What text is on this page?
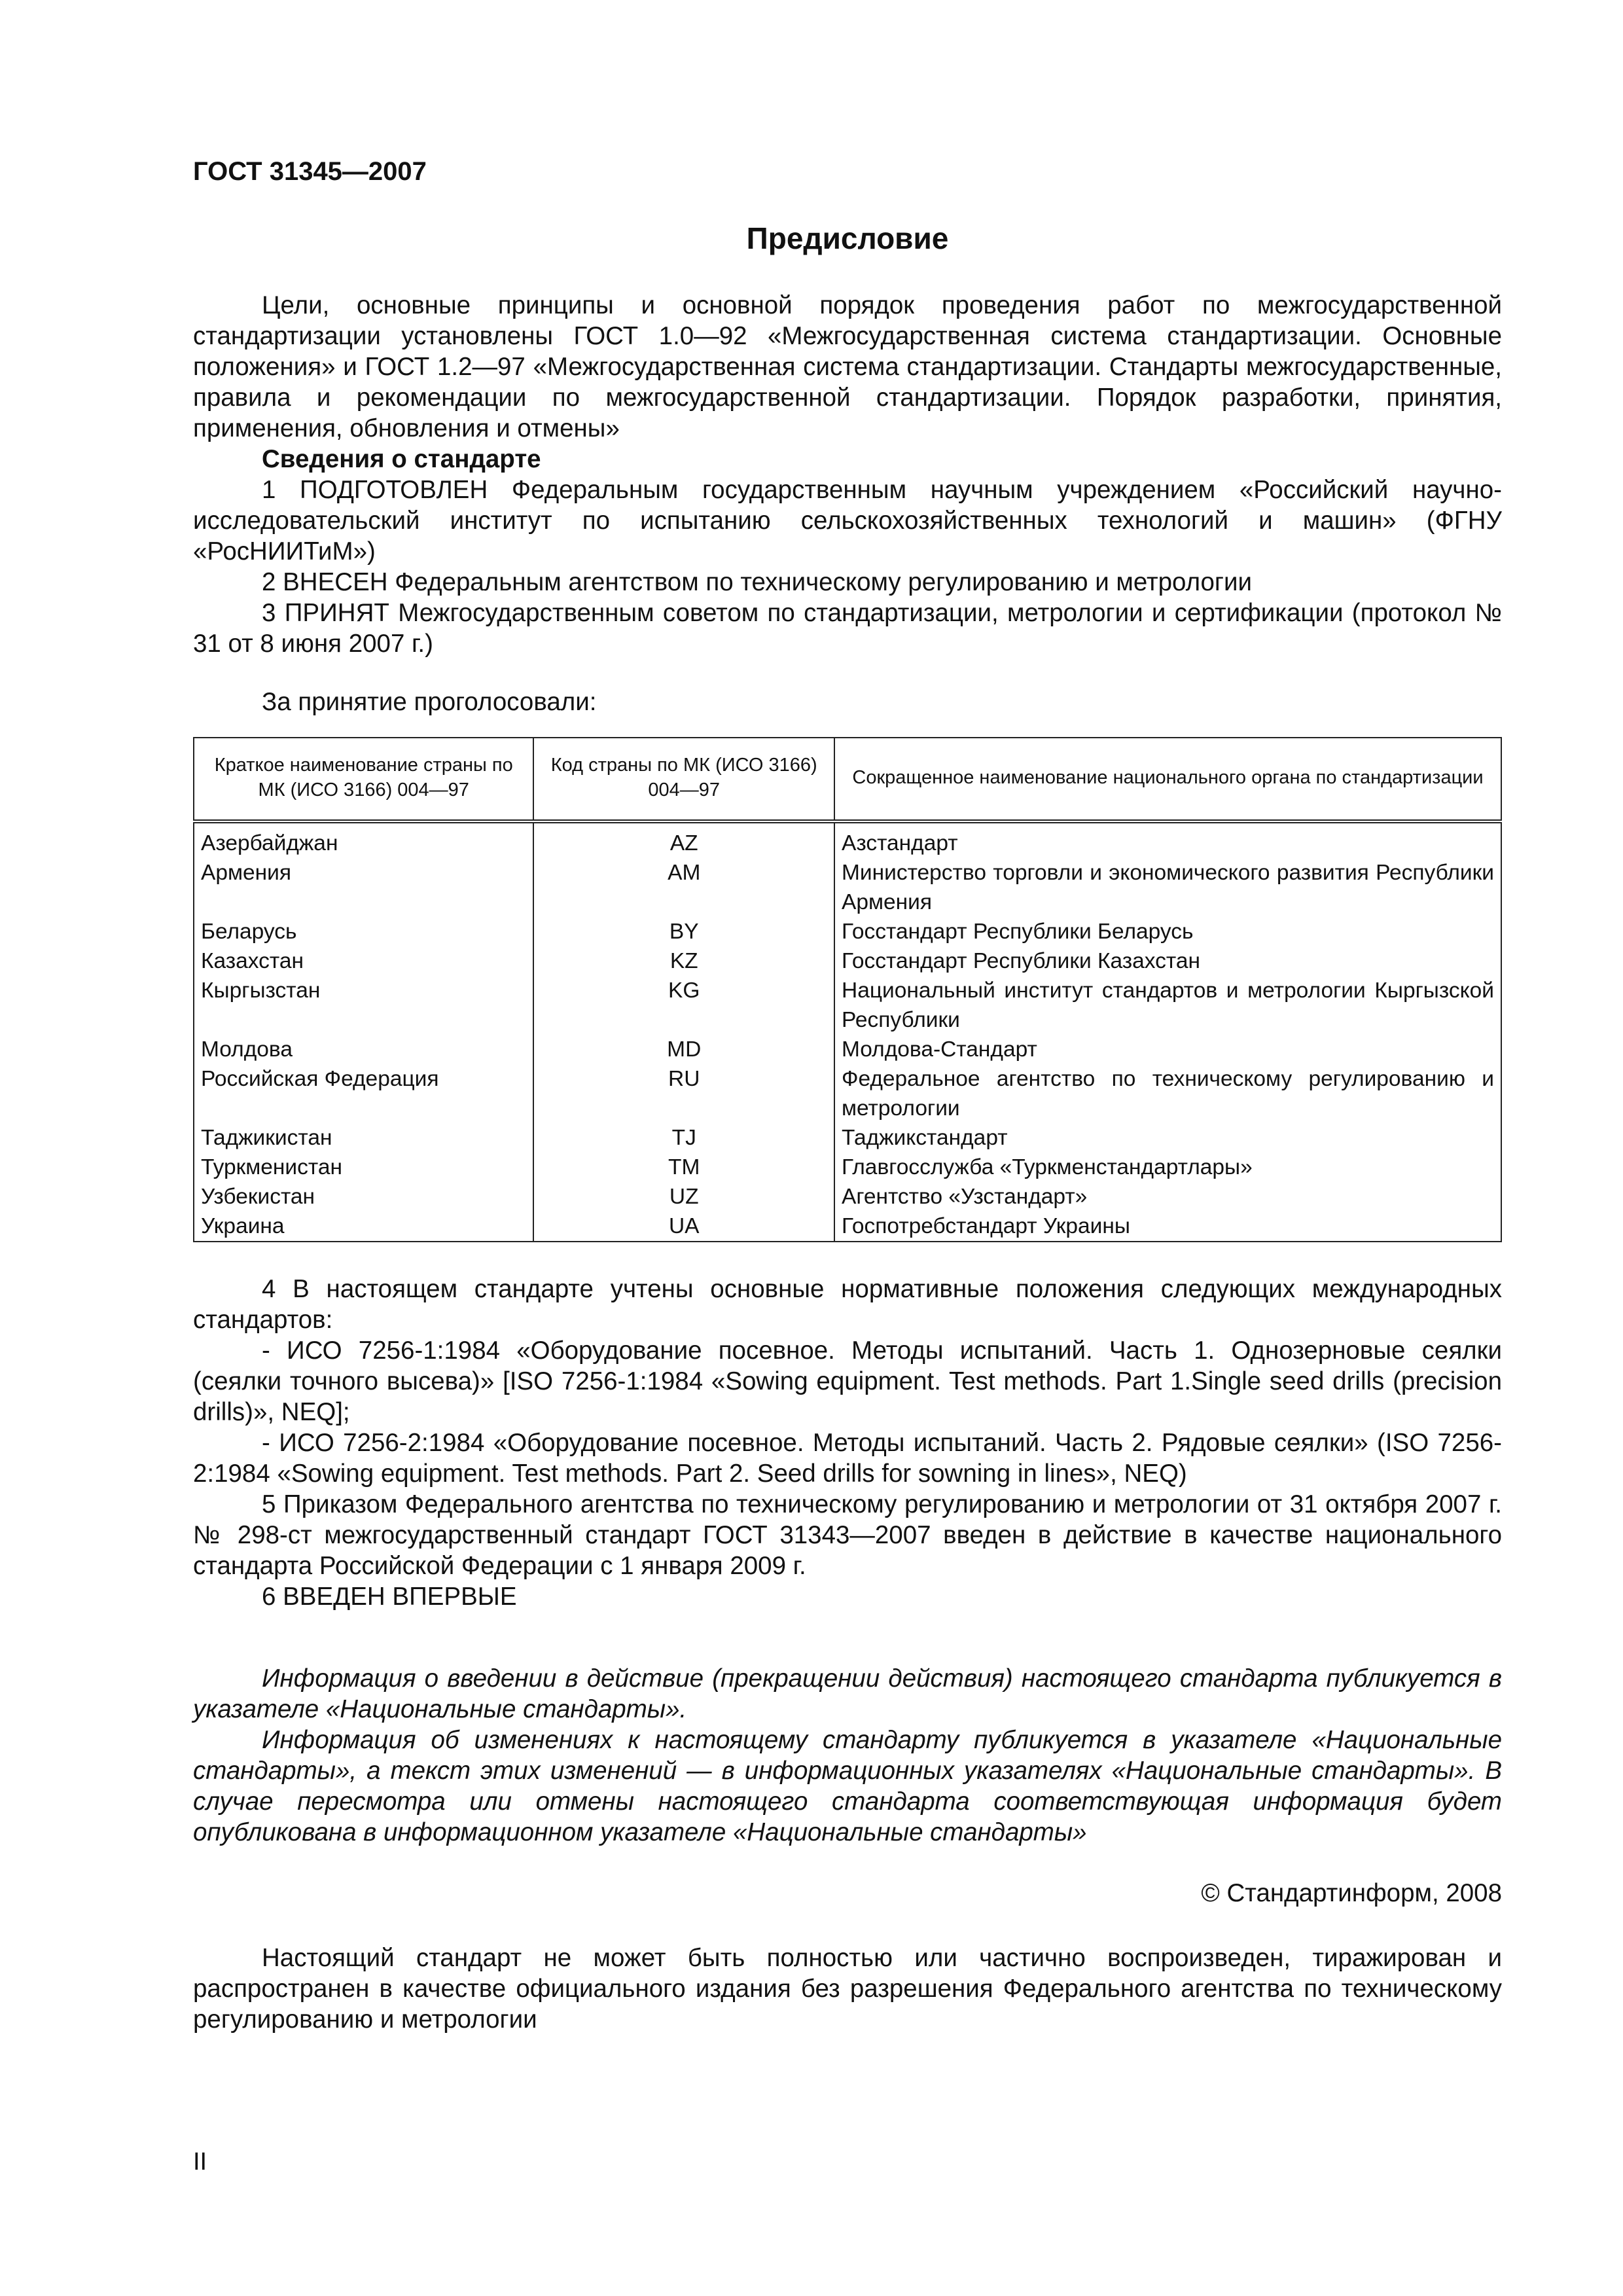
ГОСТ 31345—2007
Предисловие

Цели, основные принципы и основной порядок проведения работ по межгосударственной стандартизации установлены ГОСТ 1.0—92 «Межгосударственная система стандартизации. Основные положения» и ГОСТ 1.2—97 «Межгосударственная система стандартизации. Стандарты межгосударственные, правила и рекомендации по межгосударственной стандартизации. Порядок разработки, принятия, применения, обновления и отмены»

Сведения о стандарте

1 ПОДГОТОВЛЕН Федеральным государственным научным учреждением «Российский научно-исследовательский институт по испытанию сельскохозяйственных технологий и машин» (ФГНУ «РосНИИТиМ»)

2 ВНЕСЕН Федеральным агентством по техническому регулированию и метрологии

3 ПРИНЯТ Межгосударственным советом по стандартизации, метрологии и сертификации (протокол № 31 от 8 июня 2007 г.)

За принятие проголосовали:

Краткое наименование страны по МК (ИСО 3166) 004—97	Код страны по МК (ИСО 3166) 004—97	Сокращенное наименование национального органа по стандартизации
Азербайджан	AZ	Азстандарт
Армения	AM	Министерство торговли и экономического развития Республики Армения
Беларусь	BY	Госстандарт Республики Беларусь
Казахстан	KZ	Госстандарт Республики Казахстан
Кыргызстан	KG	Национальный институт стандартов и метрологии Кыргызской Республики
Молдова	MD	Молдова-Стандарт
Российская Федерация	RU	Федеральное агентство по техническому регулированию и метрологии
Таджикистан	TJ	Таджикстандарт
Туркменистан	TM	Главгосслужба «Туркменстандартлары»
Узбекистан	UZ	Агентство «Узстандарт»
Украина	UA	Госпотребстандарт Украины

4 В настоящем стандарте учтены основные нормативные положения следующих международных стандартов:

- ИСО 7256-1:1984 «Оборудование посевное. Методы испытаний. Часть 1. Однозерновые сеялки (сеялки точного высева)» [ISO 7256-1:1984 «Sowing equipment. Test methods. Part 1.Single seed drills (precision drills)», NEQ];

- ИСО 7256-2:1984 «Оборудование посевное. Методы испытаний. Часть 2. Рядовые сеялки» (ISO 7256-2:1984 «Sowing equipment. Test methods. Part 2. Seed drills for sowning in lines», NEQ)

5 Приказом Федерального агентства по техническому регулированию и метрологии от 31 октября 2007 г. № 298-ст межгосударственный стандарт ГОСТ 31343—2007 введен в действие в качестве национального стандарта Российской Федерации с 1 января 2009 г.

6 ВВЕДЕН ВПЕРВЫЕ

Информация о введении в действие (прекращении действия) настоящего стандарта публикуется в указателе «Национальные стандарты».

Информация об изменениях к настоящему стандарту публикуется в указателе «Национальные стандарты», а текст этих изменений — в информационных указателях «Национальные стандарты». В случае пересмотра или отмены настоящего стандарта соответствующая информация будет опубликована в информационном указателе «Национальные стандарты»

© Стандартинформ, 2008

Настоящий стандарт не может быть полностью или частично воспроизведен, тиражирован и распространен в качестве официального издания без разрешения Федерального агентства по техническому регулированию и метрологии

II
